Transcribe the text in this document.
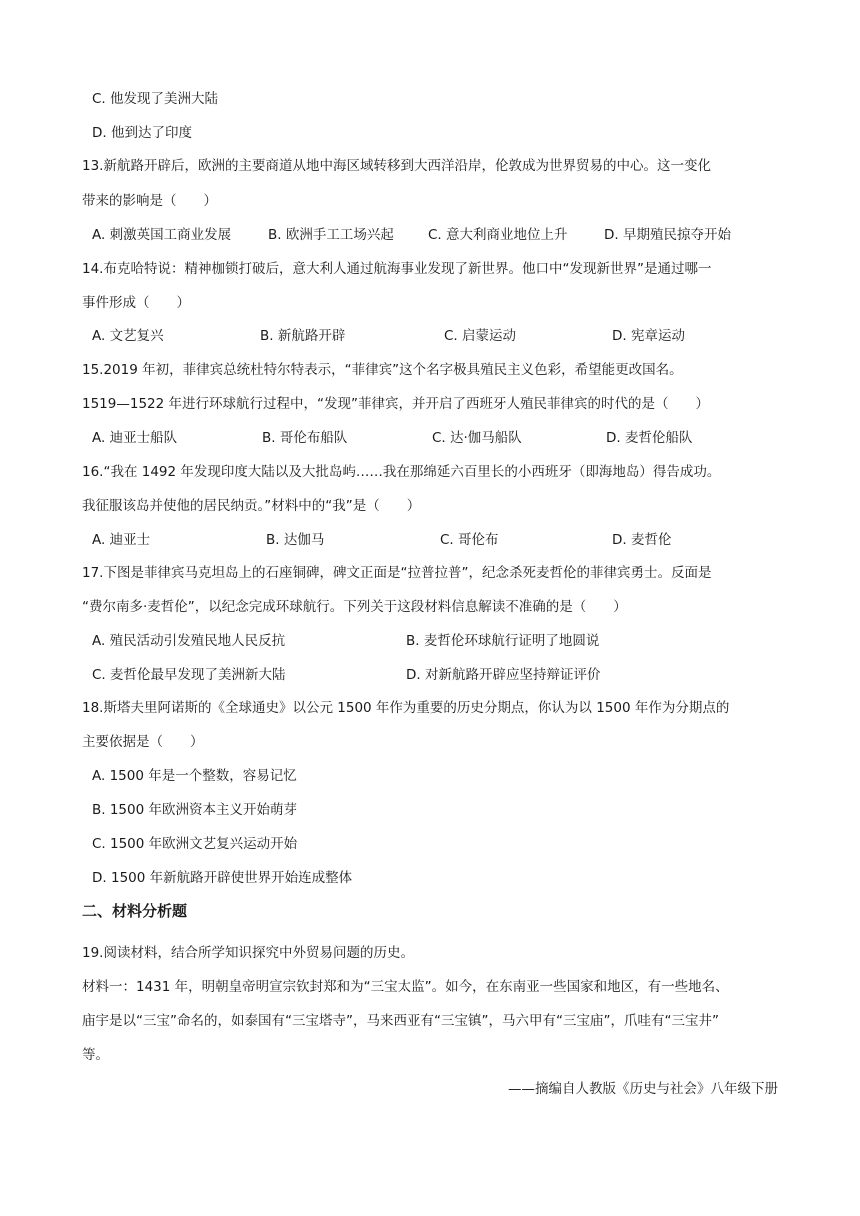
C. 他发现了美洲大陆
D. 他到达了印度
13.新航路开辟后，欧洲的主要商道从地中海区域转移到大西洋沿岸，伦敦成为世界贸易的中心。这一变化
带来的影响是（　　）
A. 刺激英国工商业发展	B. 欧洲手工工场兴起	C. 意大利商业地位上升	D. 早期殖民掠夺开始
14.布克哈特说：精神枷锁打破后，意大利人通过航海事业发现了新世界。他口中“发现新世界”是通过哪一
事件形成（　　）
A. 文艺复兴	B. 新航路开辟	C. 启蒙运动	D. 宪章运动
15.2019 年初，菲律宾总统杜特尔特表示，“菲律宾”这个名字极具殖民主义色彩，希望能更改国名。
1519—1522 年进行环球航行过程中，“发现”菲律宾，并开启了西班牙人殖民菲律宾的时代的是（　　）
A. 迪亚士船队	B. 哥伦布船队	C. 达·伽马船队	D. 麦哲伦船队
16.“我在 1492 年发现印度大陆以及大批岛屿……我在那绵延六百里长的小西班牙（即海地岛）得告成功。
我征服该岛并使他的居民纳贡。”材料中的“我”是（　　）
A. 迪亚士	B. 达伽马	C. 哥伦布	D. 麦哲伦
17.下图是菲律宾马克坦岛上的石座铜碑，碑文正面是“拉普拉普”，纪念杀死麦哲伦的菲律宾勇士。反面是
“费尔南多·麦哲伦”，以纪念完成环球航行。下列关于这段材料信息解读不准确的是（　　）
A. 殖民活动引发殖民地人民反抗	B. 麦哲伦环球航行证明了地圆说
C. 麦哲伦最早发现了美洲新大陆	D. 对新航路开辟应坚持辩证评价
18.斯塔夫里阿诺斯的《全球通史》以公元 1500 年作为重要的历史分期点，你认为以 1500 年作为分期点的
主要依据是（　　）
A. 1500 年是一个整数，容易记忆
B. 1500 年欧洲资本主义开始萌芽
C. 1500 年欧洲文艺复兴运动开始
D. 1500 年新航路开辟使世界开始连成整体
二、材料分析题
19.阅读材料，结合所学知识探究中外贸易问题的历史。
材料一：1431 年，明朝皇帝明宣宗钦封郑和为“三宝太监”。如今，在东南亚一些国家和地区，有一些地名、
庙宇是以“三宝”命名的，如泰国有“三宝塔寺”，马来西亚有“三宝镇”，马六甲有“三宝庙”，爪哇有“三宝井”
等。
——摘编自人教版《历史与社会》八年级下册
